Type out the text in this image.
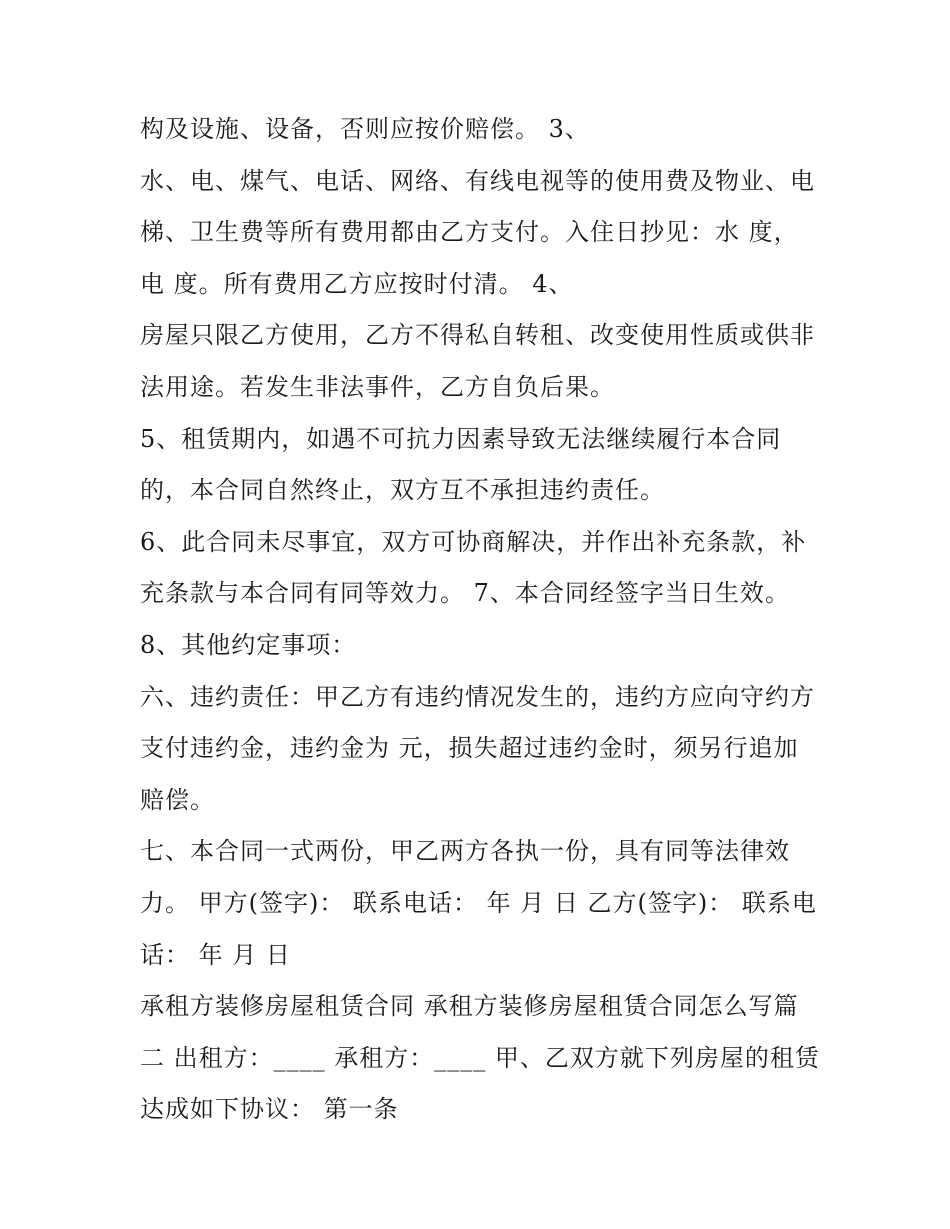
构及设施、设备，否则应按价赔偿。 3、
水、电、煤气、电话、网络、有线电视等的使用费及物业、电
梯、卫生费等所有费用都由乙方支付。入住日抄见：水 度，
电 度。所有费用乙方应按时付清。 4、
房屋只限乙方使用，乙方不得私自转租、改变使用性质或供非
法用途。若发生非法事件，乙方自负后果。
5、租赁期内，如遇不可抗力因素导致无法继续履行本合同
的，本合同自然终止，双方互不承担违约责任。
6、此合同未尽事宜，双方可协商解决，并作出补充条款，补
充条款与本合同有同等效力。 7、本合同经签字当日生效。
8、其他约定事项：
六、违约责任：甲乙方有违约情况发生的，违约方应向守约方
支付违约金，违约金为 元，损失超过违约金时，须另行追加
赔偿。
七、本合同一式两份，甲乙两方各执一份，具有同等法律效
力。 甲方(签字)： 联系电话： 年 月 日 乙方(签字)： 联系电
话： 年 月 日
承租方装修房屋租赁合同 承租方装修房屋租赁合同怎么写篇
二 出租方：____ 承租方：____ 甲、乙双方就下列房屋的租赁
达成如下协议： 第一条
